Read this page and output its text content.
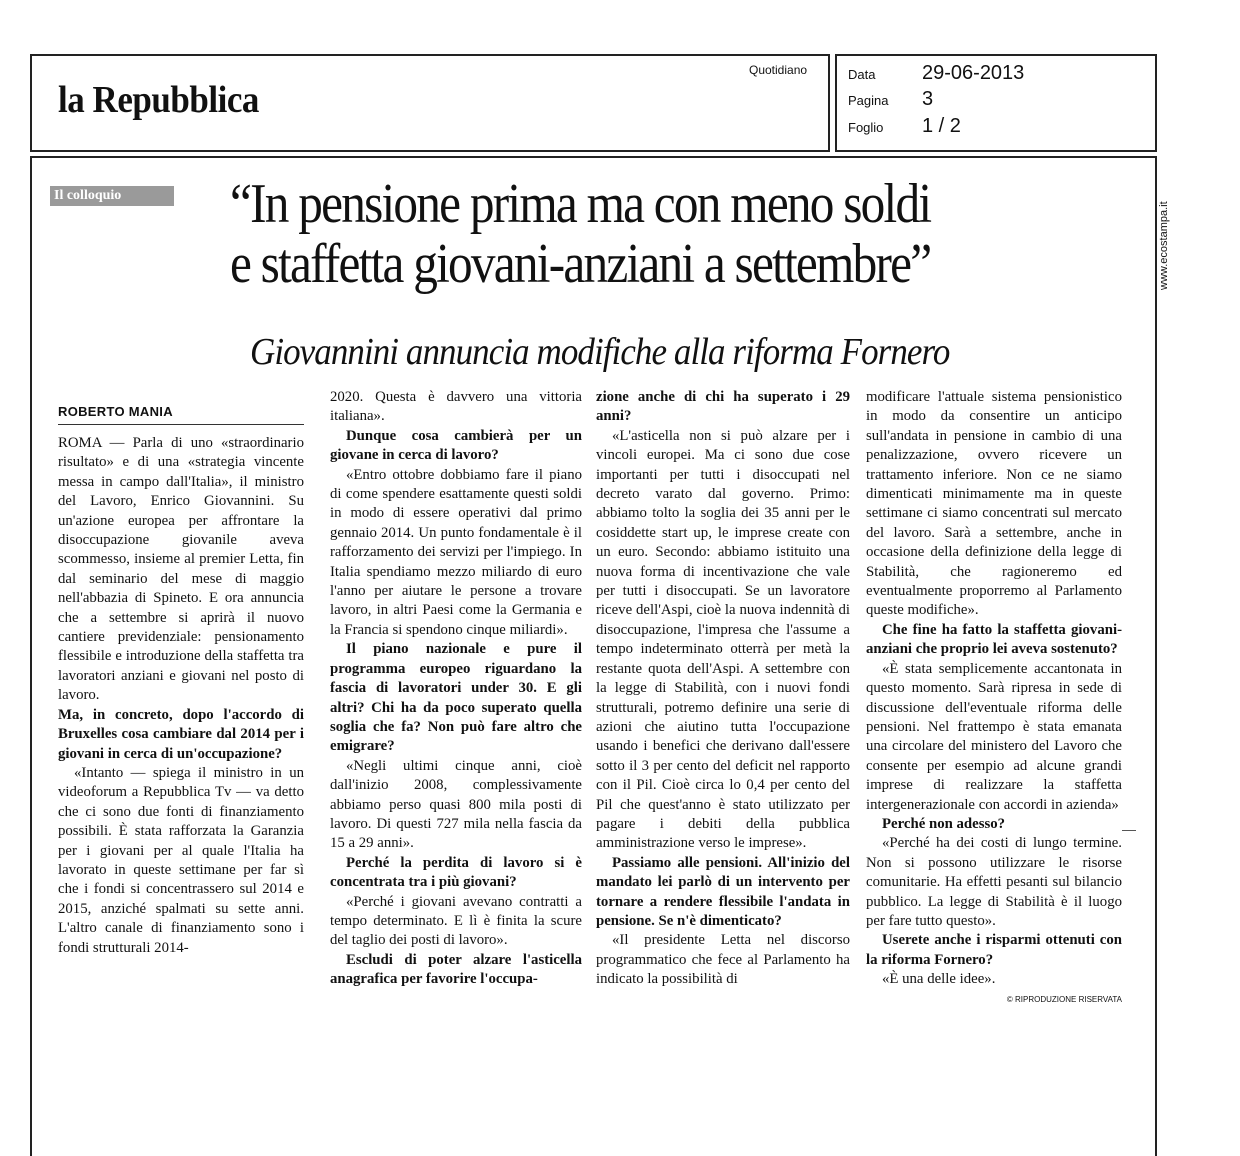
la Repubblica
Quotidiano	Data 29-06-2013
Pagina 3
Foglio 1 / 2
www.ecostampa.it
Il colloquio	“In pensione prima ma con meno soldi
e staffetta giovani-anziani a settembre”
Giovannini annuncia modifiche alla riforma Fornero
ROBERTO MANIA

ROMA — Parla di uno «straordinario risultato» e di una «strategia vincente messa in campo dall'Italia», il ministro del Lavoro, Enrico Giovannini. Su un'azione europea per affrontare la disoccupazione giovanile aveva scommesso, insieme al premier Letta, fin dal seminario del mese di maggio nell'abbazia di Spineto. E ora annuncia che a settembre si aprirà il nuovo cantiere previdenziale: pensionamento flessibile e introduzione della staffetta tra lavoratori anziani e giovani nel posto di lavoro.

Ma, in concreto, dopo l'accordo di Bruxelles cosa cambiare dal 2014 per i giovani in cerca di un'occupazione?

«Intanto — spiega il ministro in un videoforum a Repubblica Tv — va detto che ci sono due fonti di finanziamento possibili. È stata rafforzata la Garanzia per i giovani per al quale l'Italia ha lavorato in queste settimane per far sì che i fondi si concentrassero sul 2014 e 2015, anziché spalmati su sette anni. L'altro canale di finanziamento sono i fondi strutturali 2014-

2020. Questa è davvero una vittoria italiana».

Dunque cosa cambierà per un giovane in cerca di lavoro?

«Entro ottobre dobbiamo fare il piano di come spendere esattamente questi soldi in modo di essere operativi dal primo gennaio 2014. Un punto fondamentale è il rafforzamento dei servizi per l'impiego. In Italia spendiamo mezzo miliardo di euro l'anno per aiutare le persone a trovare lavoro, in altri Paesi come la Germania e la Francia si spendono cinque miliardi».

Il piano nazionale e pure il programma europeo riguardano la fascia di lavoratori under 30. E gli altri? Chi ha da poco superato quella soglia che fa? Non può fare altro che emigrare?

«Negli ultimi cinque anni, cioè dall'inizio 2008, complessivamente abbiamo perso quasi 800 mila posti di lavoro. Di questi 727 mila nella fascia da 15 a 29 anni».

Perché la perdita di lavoro si è concentrata tra i più giovani?

«Perché i giovani avevano contratti a tempo determinato. E lì è finita la scure del taglio dei posti di lavoro».

Escludi di poter alzare l'asticella anagrafica per favorire l'occupa-

zione anche di chi ha superato i 29 anni?

«L'asticella non si può alzare per i vincoli europei. Ma ci sono due cose importanti per tutti i disoccupati nel decreto varato dal governo. Primo: abbiamo tolto la soglia dei 35 anni per le cosiddette start up, le imprese create con un euro. Secondo: abbiamo istituito una nuova forma di incentivazione che vale per tutti i disoccupati. Se un lavoratore riceve dell'Aspi, cioè la nuova indennità di disoccupazione, l'impresa che l'assume a tempo indeterminato otterrà per metà la restante quota dell'Aspi. A settembre con la legge di Stabilità, con i nuovi fondi strutturali, potremo definire una serie di azioni che aiutino tutta l'occupazione usando i benefici che derivano dall'essere sotto il 3 per cento del deficit nel rapporto con il Pil. Cioè circa lo 0,4 per cento del Pil che quest'anno è stato utilizzato per pagare i debiti della pubblica amministrazione verso le imprese».

Passiamo alle pensioni. All'inizio del mandato lei parlò di un intervento per tornare a rendere flessibile l'andata in pensione. Se n'è dimenticato?

«Il presidente Letta nel discorso programmatico che fece al Parlamento ha indicato la possibilità di

modificare l'attuale sistema pensionistico in modo da consentire un anticipo sull'andata in pensione in cambio di una penalizzazione, ovvero ricevere un trattamento inferiore. Non ce ne siamo dimenticati minimamente ma in queste settimane ci siamo concentrati sul mercato del lavoro. Sarà a settembre, anche in occasione della definizione della legge di Stabilità, che ragioneremo ed eventualmente proporremo al Parlamento queste modifiche».

Che fine ha fatto la staffetta giovani-anziani che proprio lei aveva sostenuto?

«È stata semplicemente accantonata in questo momento. Sarà ripresa in sede di discussione dell'eventuale riforma delle pensioni. Nel frattempo è stata emanata una circolare del ministero del Lavoro che consente per esempio ad alcune grandi imprese di realizzare la staffetta intergenerazionale con accordi in azienda»

Perché non adesso?

«Perché ha dei costi di lungo termine. Non si possono utilizzare le risorse comunitarie. Ha effetti pesanti sul bilancio pubblico. La legge di Stabilità è il luogo per fare tutto questo».

Userete anche i risparmi ottenuti con la riforma Fornero?

«È una delle idee».

© RIPRODUZIONE RISERVATA
